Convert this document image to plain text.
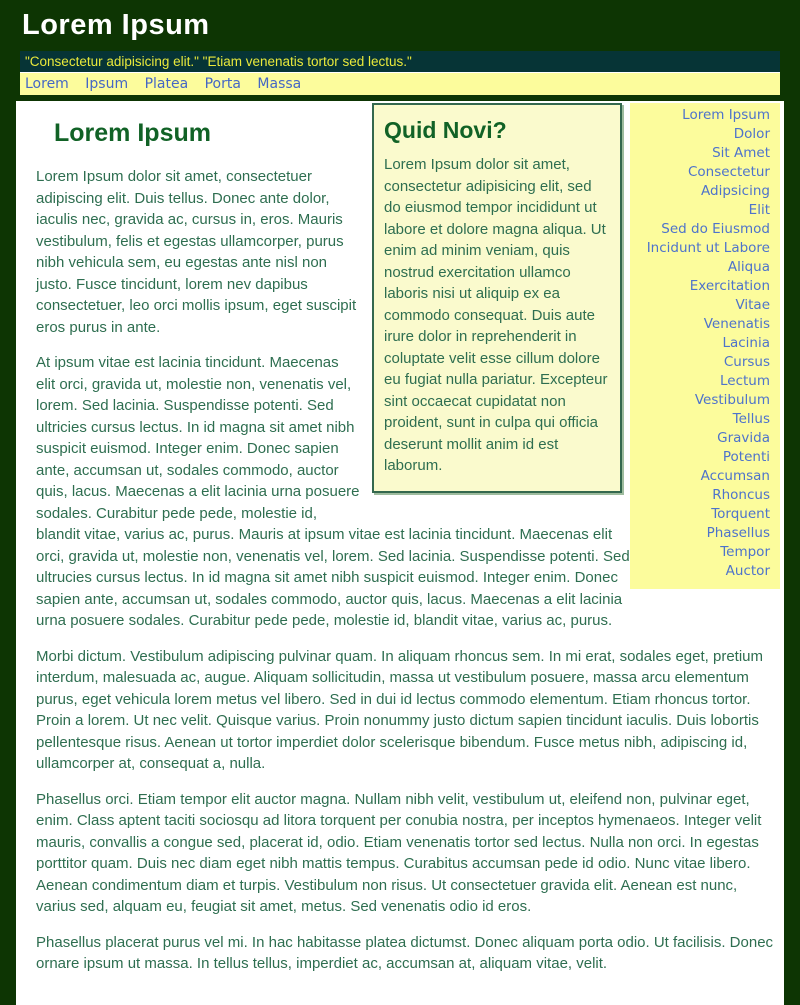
Lorem Ipsum
"Consectetur adipisicing elit." "Etiam venenatis tortor sed lectus."
Lorem Ipsum Platea Porta Massa
Lorem Ipsum
Dolor
Sit Amet
Consectetur
Adipsicing
Elit
Sed do Eiusmod
Incidunt ut Labore
Aliqua
Exercitation
Vitae
Venenatis
Lacinia
Cursus
Lectum
Vestibulum
Tellus
Gravida
Potenti
Accumsan
Rhoncus
Torquent
Phasellus
Tempor
Auctor
Quid Novi?

Lorem Ipsum dolor sit amet, consectetur adipisicing elit, sed do eiusmod tempor incididunt ut labore et dolore magna aliqua. Ut enim ad minim veniam, quis nostrud exercitation ullamco laboris nisi ut aliquip ex ea commodo consequat. Duis aute irure dolor in reprehenderit in coluptate velit esse cillum dolore eu fugiat nulla pariatur. Excepteur sint occaecat cupidatat non proident, sunt in culpa qui officia deserunt mollit anim id est laborum.

Lorem Ipsum

Lorem Ipsum dolor sit amet, consectetuer adipiscing elit. Duis tellus. Donec ante dolor, iaculis nec, gravida ac, cursus in, eros. Mauris vestibulum, felis et egestas ullamcorper, purus nibh vehicula sem, eu egestas ante nisl non justo. Fusce tincidunt, lorem nev dapibus consectetuer, leo orci mollis ipsum, eget suscipit eros purus in ante.

At ipsum vitae est lacinia tincidunt. Maecenas elit orci, gravida ut, molestie non, venenatis vel, lorem. Sed lacinia. Suspendisse potenti. Sed ultricies cursus lectus. In id magna sit amet nibh suspicit euismod. Integer enim. Donec sapien ante, accumsan ut, sodales commodo, auctor quis, lacus. Maecenas a elit lacinia urna posuere sodales. Curabitur pede pede, molestie id, blandit vitae, varius ac, purus. Mauris at ipsum vitae est lacinia tincidunt. Maecenas elit orci, gravida ut, molestie non, venenatis vel, lorem. Sed lacinia. Suspendisse potenti. Sed ultrucies cursus lectus. In id magna sit amet nibh suspicit euismod. Integer enim. Donec sapien ante, accumsan ut, sodales commodo, auctor quis, lacus. Maecenas a elit lacinia urna posuere sodales. Curabitur pede pede, molestie id, blandit vitae, varius ac, purus.

Morbi dictum. Vestibulum adipiscing pulvinar quam. In aliquam rhoncus sem. In mi erat, sodales eget, pretium interdum, malesuada ac, augue. Aliquam sollicitudin, massa ut vestibulum posuere, massa arcu elementum purus, eget vehicula lorem metus vel libero. Sed in dui id lectus commodo elementum. Etiam rhoncus tortor. Proin a lorem. Ut nec velit. Quisque varius. Proin nonummy justo dictum sapien tincidunt iaculis. Duis lobortis pellentesque risus. Aenean ut tortor imperdiet dolor scelerisque bibendum. Fusce metus nibh, adipiscing id, ullamcorper at, consequat a, nulla.

Phasellus orci. Etiam tempor elit auctor magna. Nullam nibh velit, vestibulum ut, eleifend non, pulvinar eget, enim. Class aptent taciti sociosqu ad litora torquent per conubia nostra, per inceptos hymenaeos. Integer velit mauris, convallis a congue sed, placerat id, odio. Etiam venenatis tortor sed lectus. Nulla non orci. In egestas porttitor quam. Duis nec diam eget nibh mattis tempus. Curabitus accumsan pede id odio. Nunc vitae libero. Aenean condimentum diam et turpis. Vestibulum non risus. Ut consectetuer gravida elit. Aenean est nunc, varius sed, alquam eu, feugiat sit amet, metus. Sed venenatis odio id eros.

Phasellus placerat purus vel mi. In hac habitasse platea dictumst. Donec aliquam porta odio. Ut facilisis. Donec ornare ipsum ut massa. In tellus tellus, imperdiet ac, accumsan at, aliquam vitae, velit.
